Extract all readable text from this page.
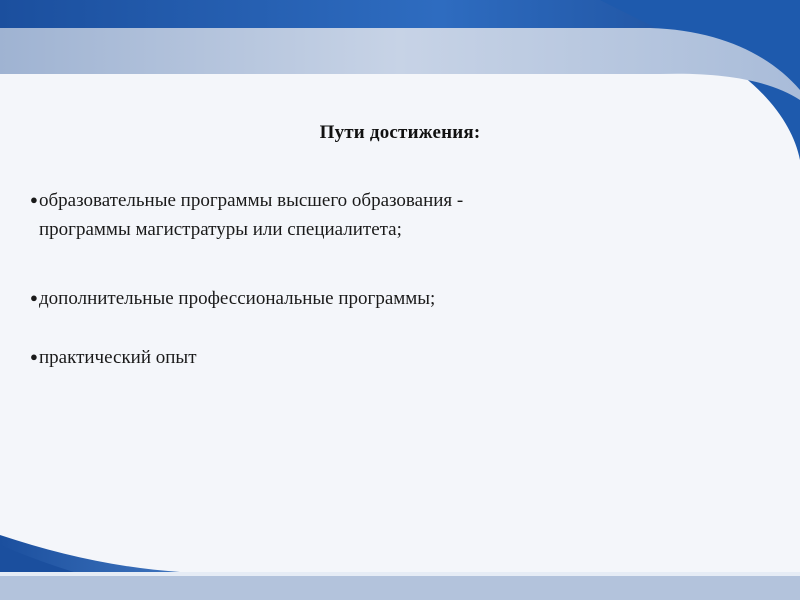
Пути достижения:
●образовательные программы высшего образования -
программы магистратуры или специалитета;
●дополнительные профессиональные программы;
●практический опыт
